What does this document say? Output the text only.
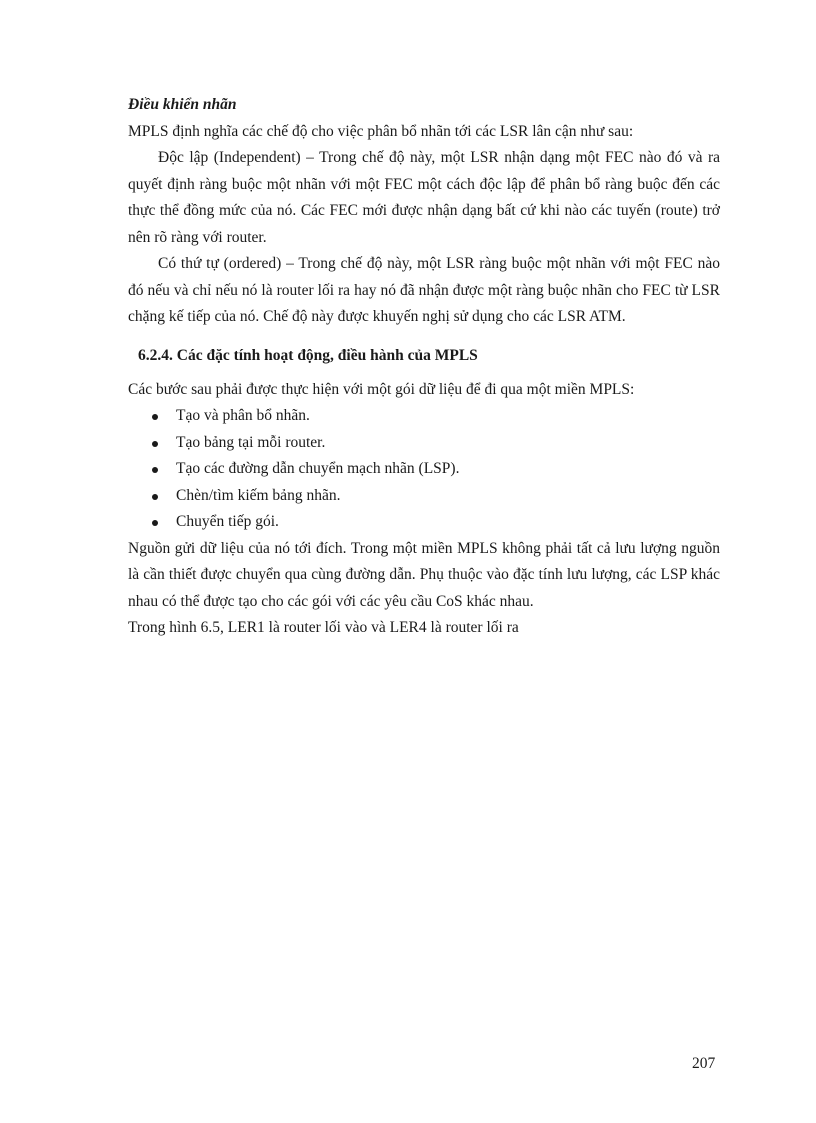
Điều khiển nhãn

MPLS định nghĩa các chế độ cho việc phân bổ nhãn tới các LSR lân cận như sau:

Độc lập (Independent) – Trong chế độ này, một LSR nhận dạng một FEC nào đó và ra quyết định ràng buộc một nhãn với một FEC một cách độc lập để phân bổ ràng buộc đến các thực thể đồng mức của nó. Các FEC mới được nhận dạng bất cứ khi nào các tuyến (route) trở nên rõ ràng với router.

Có thứ tự (ordered) – Trong chế độ này, một LSR ràng buộc một nhãn với một FEC nào đó nếu và chỉ nếu nó là router lối ra hay nó đã nhận được một ràng buộc nhãn cho FEC từ LSR chặng kế tiếp của nó. Chế độ này được khuyến nghị sử dụng cho các LSR ATM.

6.2.4. Các đặc tính hoạt động, điều hành của MPLS

Các bước sau phải được thực hiện với một gói dữ liệu để đi qua một miền MPLS:

Tạo và phân bổ nhãn.
Tạo bảng tại mỗi router.
Tạo các đường dẫn chuyển mạch nhãn (LSP).
Chèn/tìm kiếm bảng nhãn.
Chuyển tiếp gói.

Nguồn gửi dữ liệu của nó tới đích. Trong một miền MPLS không phải tất cả lưu lượng nguồn là cần thiết được chuyển qua cùng đường dẫn. Phụ thuộc vào đặc tính lưu lượng, các LSP khác nhau có thể được tạo cho các gói với các yêu cầu CoS khác nhau.

Trong hình 6.5, LER1 là router lối vào và LER4 là router lối ra

207
